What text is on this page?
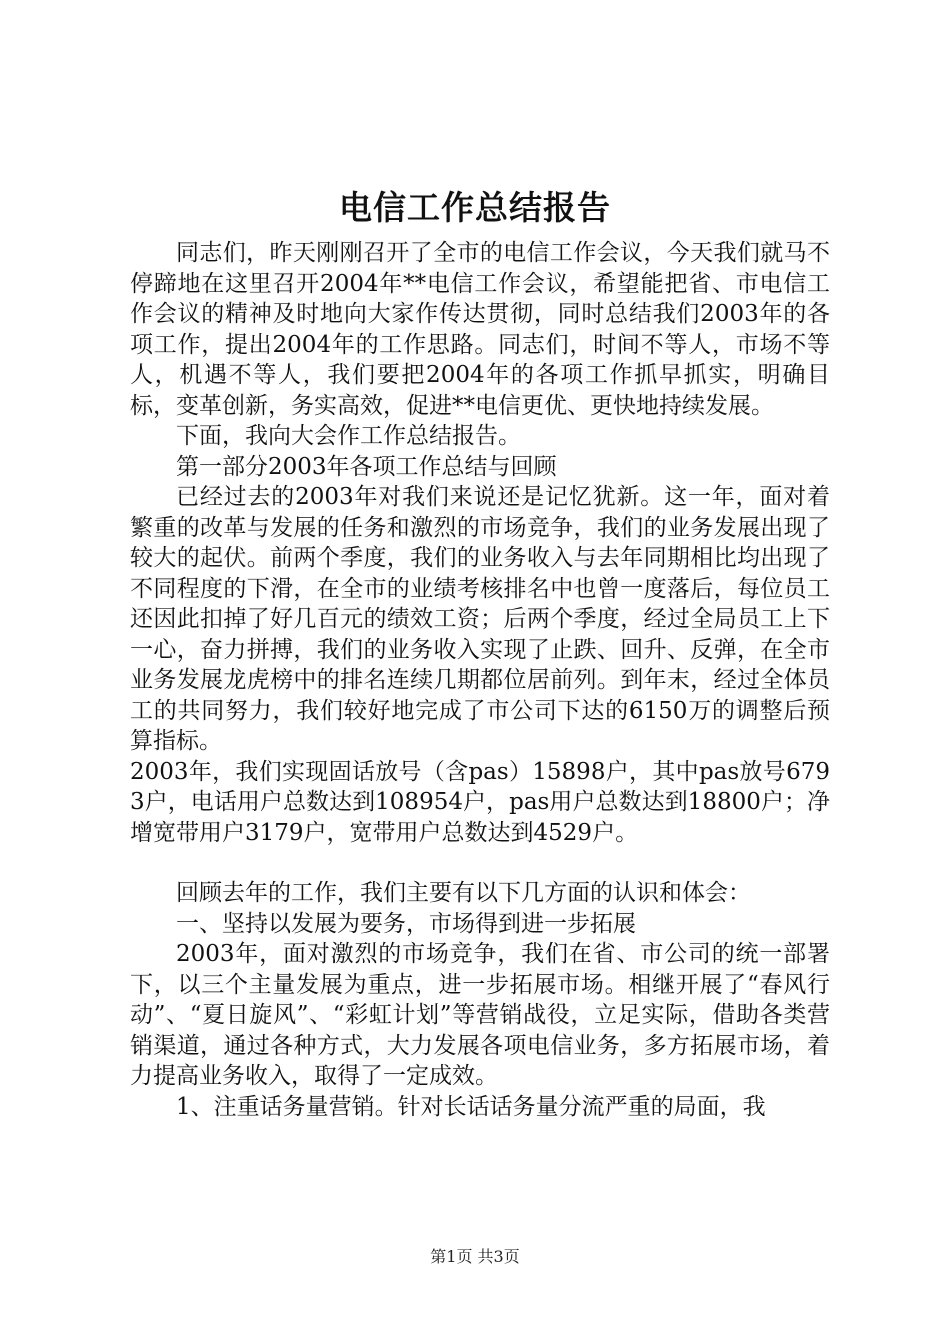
电信工作总结报告

同志们，昨天刚刚召开了全市的电信工作会议，今天我们就马不停蹄地在这里召开2004年**电信工作会议，希望能把省、市电信工作会议的精神及时地向大家作传达贯彻，同时总结我们2003年的各项工作，提出2004年的工作思路。同志们，时间不等人，市场不等人，机遇不等人，我们要把2004年的各项工作抓早抓实，明确目标，变革创新，务实高效，促进**电信更优、更快地持续发展。

下面，我向大会作工作总结报告。

第一部分2003年各项工作总结与回顾

已经过去的2003年对我们来说还是记忆犹新。这一年，面对着繁重的改革与发展的任务和激烈的市场竞争，我们的业务发展出现了较大的起伏。前两个季度，我们的业务收入与去年同期相比均出现了不同程度的下滑，在全市的业绩考核排名中也曾一度落后，每位员工还因此扣掉了好几百元的绩效工资；后两个季度，经过全局员工上下一心，奋力拼搏，我们的业务收入实现了止跌、回升、反弹，在全市业务发展龙虎榜中的排名连续几期都位居前列。到年末，经过全体员工的共同努力，我们较好地完成了市公司下达的6150万的调整后预算指标。

2003年，我们实现固话放号（含pas）15898户，其中pas放号6793户，电话用户总数达到108954户，pas用户总数达到18800户；净增宽带用户3179户，宽带用户总数达到4529户。

回顾去年的工作，我们主要有以下几方面的认识和体会：

一、坚持以发展为要务，市场得到进一步拓展

2003年，面对激烈的市场竞争，我们在省、市公司的统一部署下，以三个主量发展为重点，进一步拓展市场。相继开展了“春风行动”、“夏日旋风”、“彩虹计划”等营销战役，立足实际，借助各类营销渠道，通过各种方式，大力发展各项电信业务，多方拓展市场，着力提高业务收入，取得了一定成效。

1、注重话务量营销。针对长话话务量分流严重的局面，我

第1页 共3页
